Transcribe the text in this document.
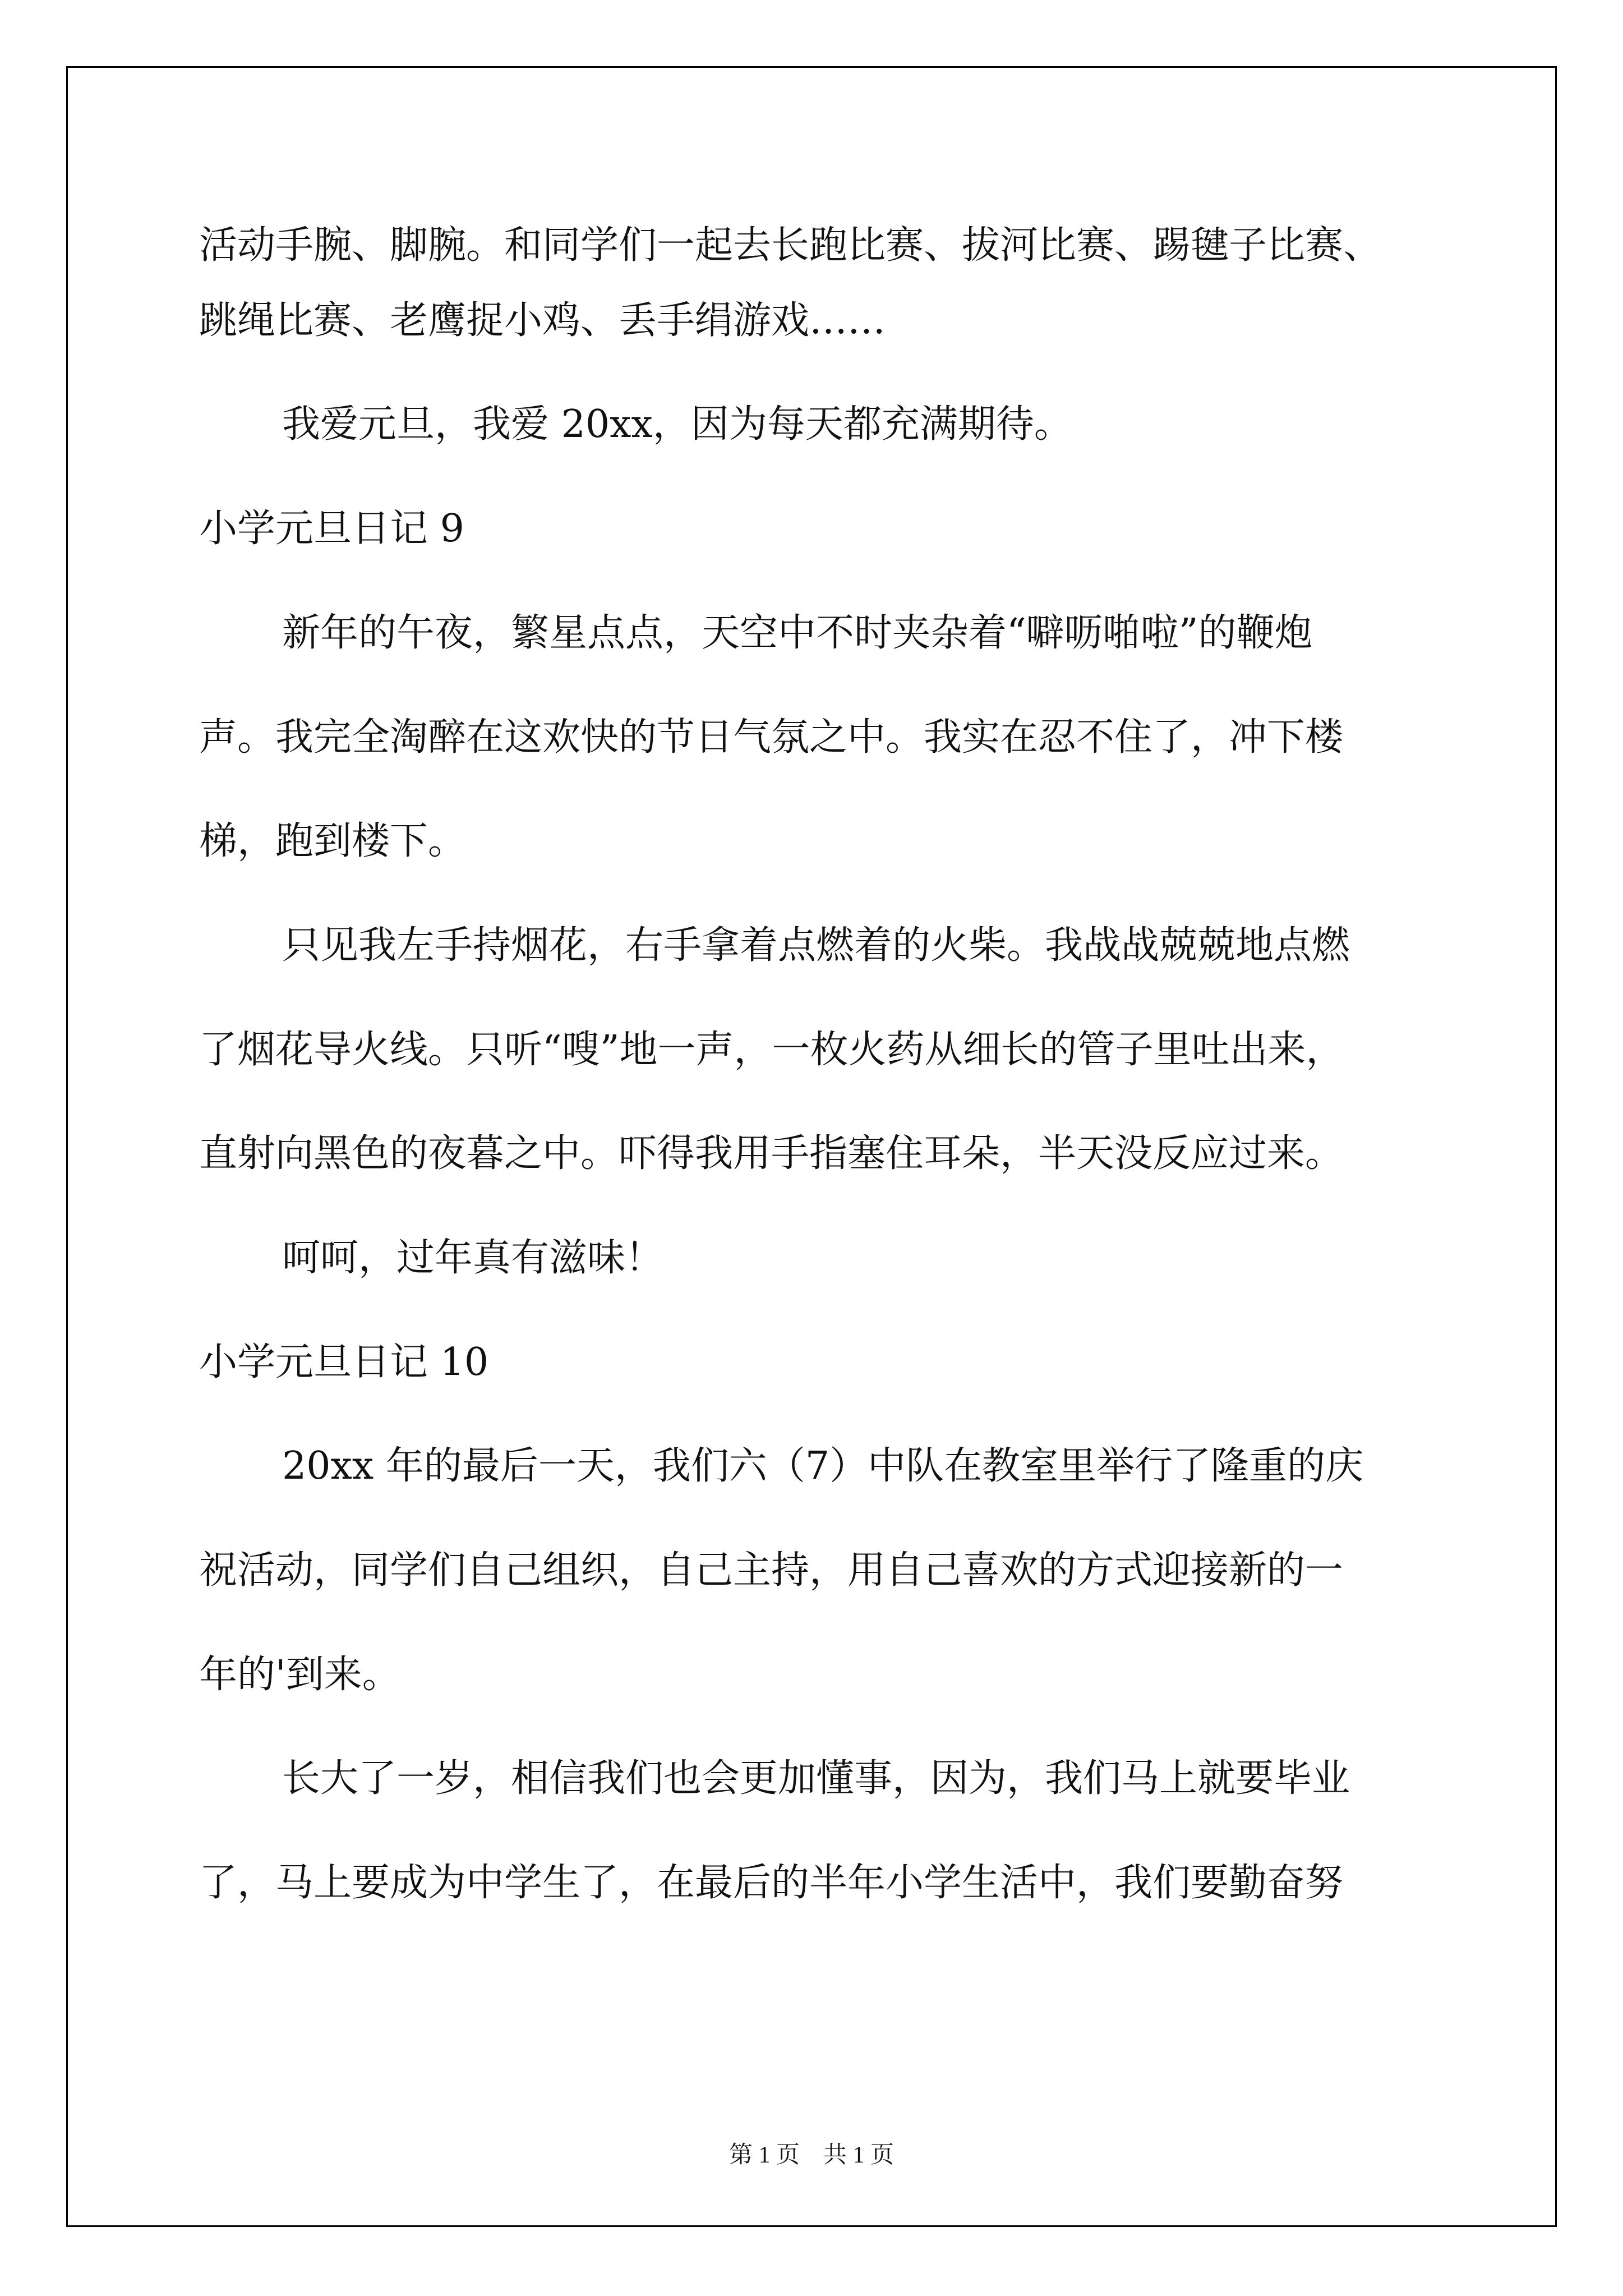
活动手腕、脚腕。和同学们一起去长跑比赛、拔河比赛、踢毽子比赛、
跳绳比赛、老鹰捉小鸡、丢手绢游戏……
我爱元旦，我爱 20xx，因为每天都充满期待。
小学元旦日记 9
新年的午夜，繁星点点，天空中不时夹杂着“噼呖啪啦”的鞭炮
声。我完全淘醉在这欢快的节日气氛之中。我实在忍不住了，冲下楼
梯，跑到楼下。
只见我左手持烟花，右手拿着点燃着的火柴。我战战兢兢地点燃
了烟花导火线。只听“嗖”地一声，一枚火药从细长的管子里吐出来，
直射向黑色的夜暮之中。吓得我用手指塞住耳朵，半天没反应过来。
呵呵，过年真有滋味！
小学元旦日记 10
20xx 年的最后一天，我们六（7）中队在教室里举行了隆重的庆
祝活动，同学们自己组织，自己主持，用自己喜欢的方式迎接新的一
年的'到来。
长大了一岁，相信我们也会更加懂事，因为，我们马上就要毕业
了，马上要成为中学生了，在最后的半年小学生活中，我们要勤奋努
第 1 页　共 1 页
